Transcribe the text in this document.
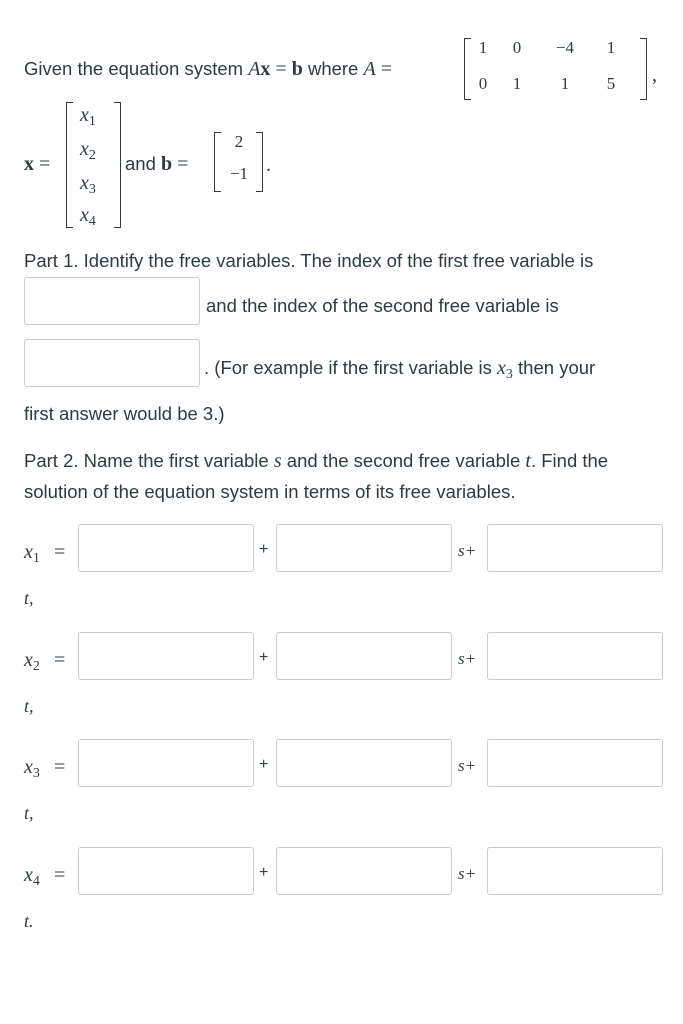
Given the equation system Ax = b where A =
1	0	−4	1
0	1	1	5	,
x =
$x_1$
$x_2$
$x_3$
$x_4$
and b =
2
−1 .
Part 1. Identify the free variables. The index of the first free variable is
and the index of the second free variable is
. (For example if the first variable is $x_3$ then your
first answer would be 3.)
Part 2. Name the first variable s and the second free variable t. Find the
solution of the equation system in terms of its free variables.
$x_1$ =	+	s+
t,
$x_2$ =	+	s+
t,
$x_3$ =	+	s+
t,
$x_4$ =	+	s+
t.
